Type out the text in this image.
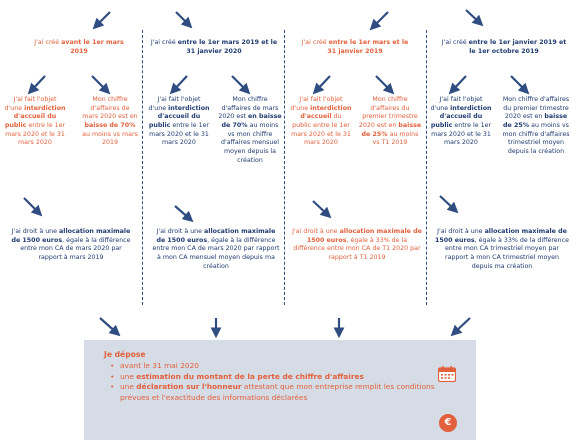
J'ai créé avant le 1er mars 2019
J'ai fait l'objet d'une interdiction d'accueil du public entre le 1er mars 2020 et le 31 mars 2020
Mon chiffre d'affaires de mars 2020 est en baisse de 70% au moins vs mars 2019
J'ai droit à une allocation maximale de 1500 euros, égale à la différence entre mon CA de mars 2020 par rapport à mars 2019
J'ai créé entre le 1er mars 2019 et le 31 janvier 2020
J'ai fait l'objet d'une interdiction d'accueil du public entre le 1er mars 2020 et le 31 mars 2020
Mon chiffre d'affaires de mars 2020 est en baisse de 70% au moins vs mon chiffre d'affaires mensuel moyen depuis la création
J'ai droit à une allocation maximale de 1500 euros, égale à la différence entre mon CA de mars 2020 par rapport à mon CA mensuel moyen depuis ma création
J'ai créé entre le 1er mars et le 31 janvier 2019
J'ai fait l'objet d'une interdiction d'accueil du public entre le 1er mars 2020 et le 31 mars 2020
Mon chiffre d'affaires du premier trimestre 2020 est en baisse de 25% au moins vs T1 2019
J'ai droit à une allocation maximale de 1500 euros, égale à 33% de la différence entre mon CA de T1 2020 par rapport à T1 2019
J'ai créé entre le 1er janvier 2019 et le 1er octobre 2019
J'ai fait l'objet d'une interdiction d'accueil du public entre le 1er mars 2020 et le 31 mars 2020
Mon chiffre d'affaires du premier trimestre 2020 est en baisse de 25% au moins vs mon chiffre d'affaires trimestriel moyen depuis la création
J'ai droit à une allocation maximale de 1500 euros, égale à 33% de la différence entre mon CA trimestriel moyen par rapport à mon CA trimestriel moyen depuis ma création
Je dépose
• avant le 31 mai 2020
• une estimation du montant de la perte de chiffre d'affaires
• une déclaration sur l'honneur attestant que mon entreprise remplit les conditions prévues et l'exactitude des informations déclarées
€
